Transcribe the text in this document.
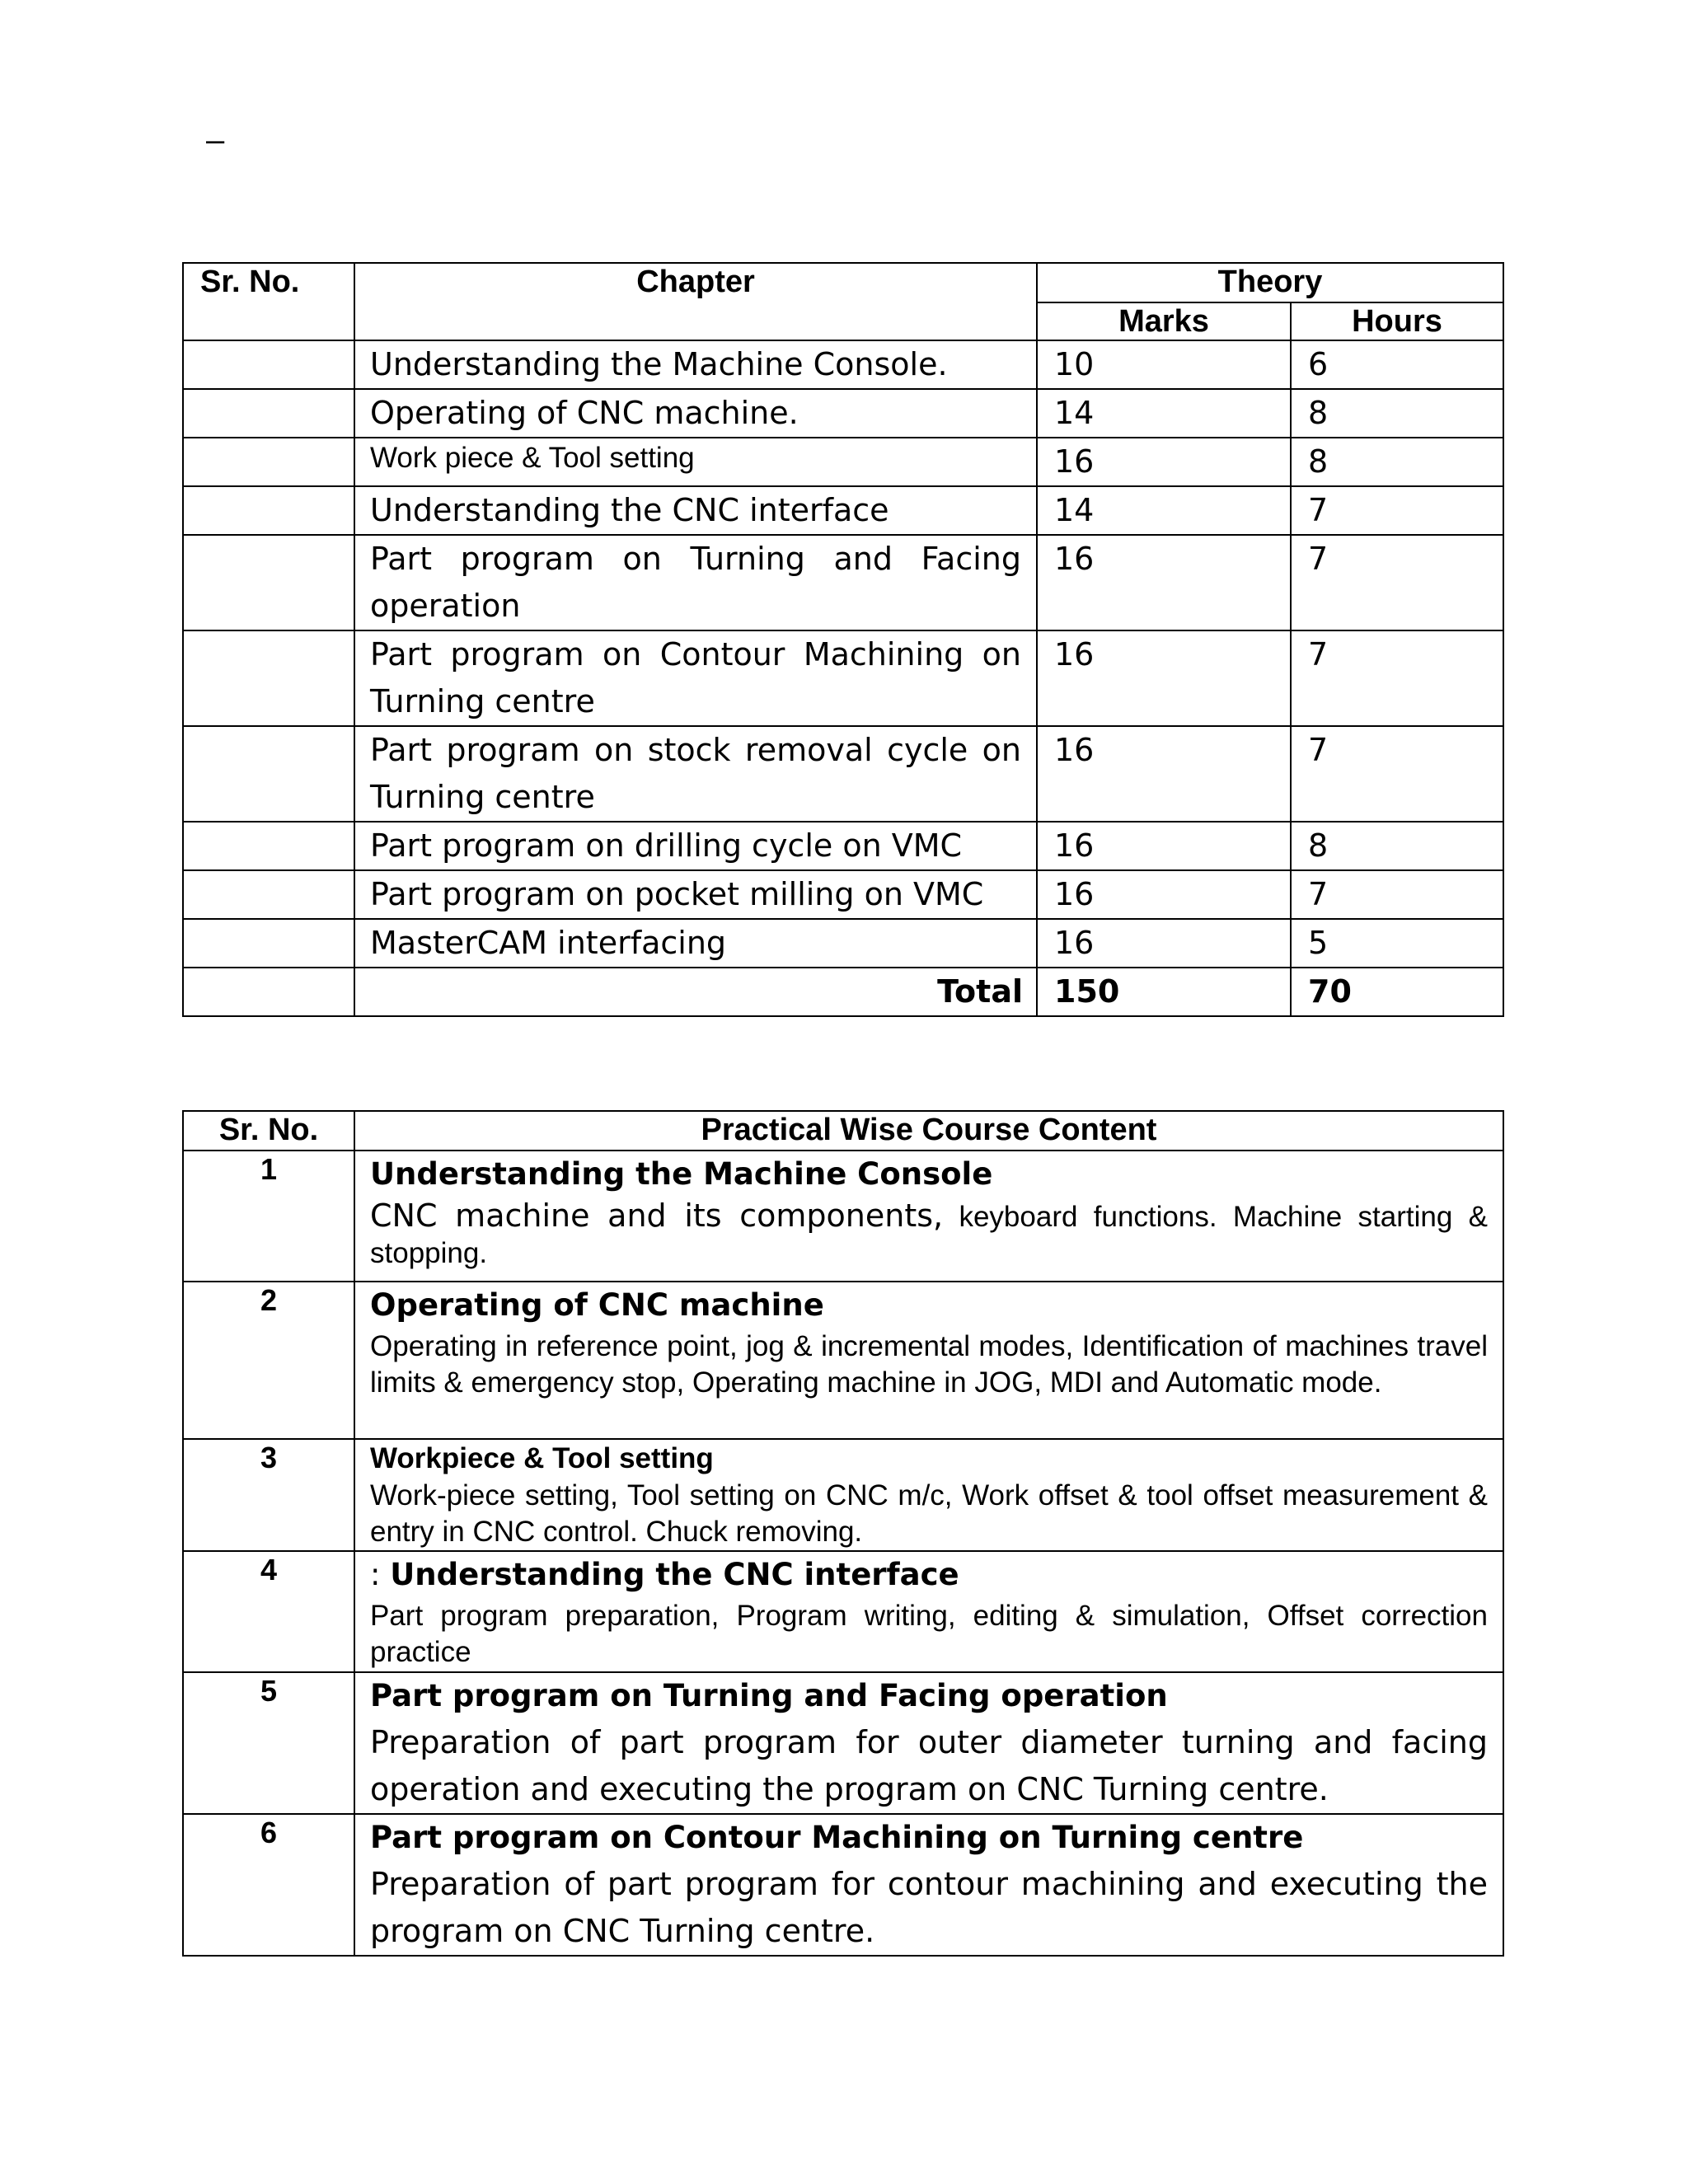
–
Sr. No.	Chapter	Theory	
		Marks	Hours
	Understanding the Machine Console.	10	6
	Operating of CNC machine.	14	8
	Work piece & Tool setting	16	8
	Understanding the CNC interface	14	7
	Part program on Turning and Facing operation	16	7
	Part program on Contour Machining on Turning centre	16	7
	Part program on stock removal cycle on Turning centre	16	7
	Part program on drilling cycle on VMC	16	8
	Part program on pocket milling on VMC	16	7
	MasterCAM interfacing	16	5
	Total	150	70
Sr. No.	Practical Wise Course Content
1	Understanding the Machine Console
CNC machine and its components, keyboard functions. Machine starting & stopping.

2	Operating of CNC machine
Operating in reference point, jog & incremental modes, Identification of machines travel limits & emergency stop, Operating machine in JOG, MDI and Automatic mode.

3	Workpiece & Tool setting
Work-piece setting, Tool setting on CNC m/c, Work offset & tool offset measurement & entry in CNC control. Chuck removing.

4	: Understanding the CNC interface
Part program preparation, Program writing, editing & simulation, Offset correction practice

5	Part program on Turning and Facing operation
Preparation of part program for outer diameter turning and facing operation and executing the program on CNC Turning centre.

6	Part program on Contour Machining on Turning centre
Preparation of part program for contour machining and executing the program on CNC Turning centre.
